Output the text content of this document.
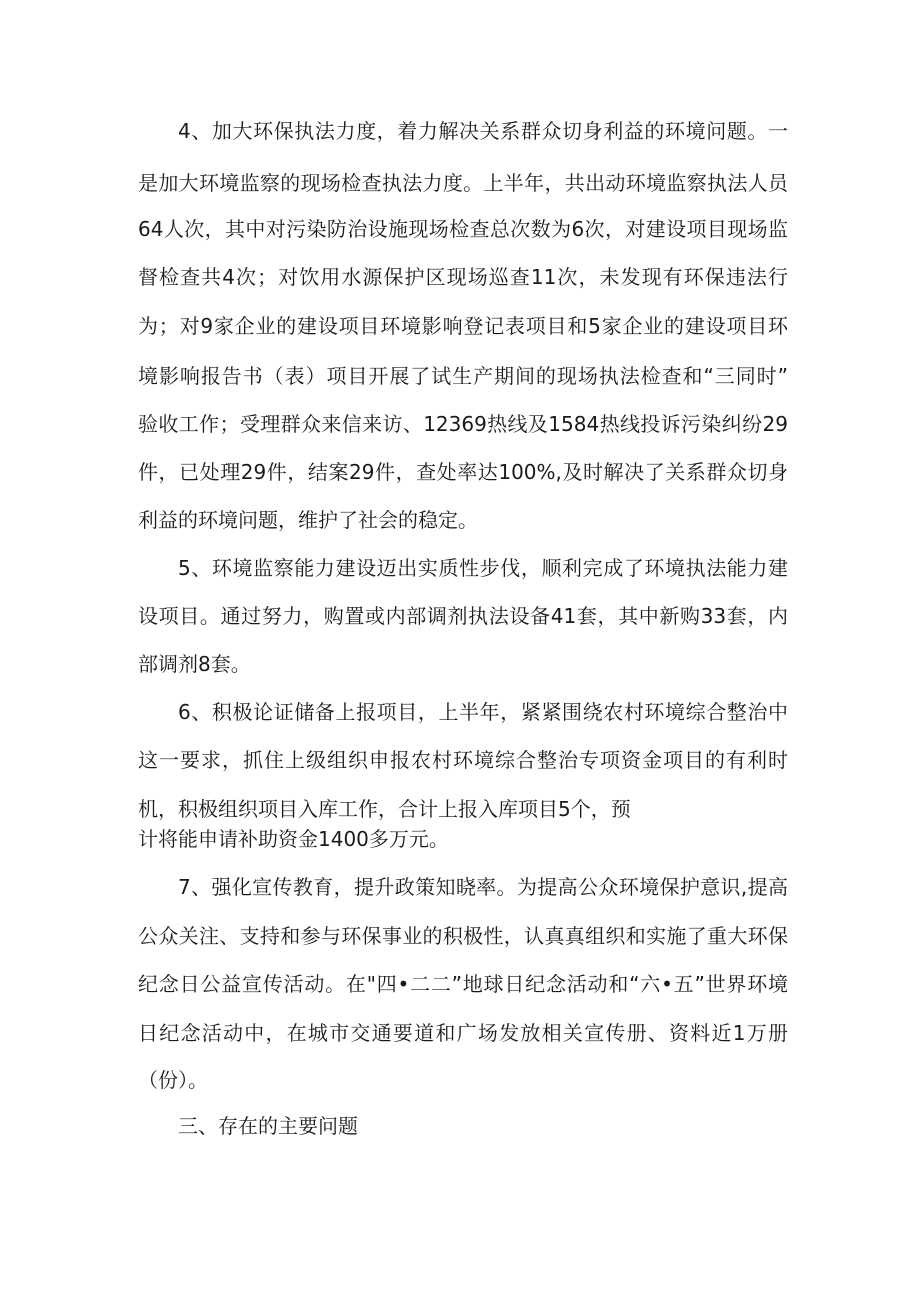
4、加大环保执法力度，着力解决关系群众切身利益的环境问题。一

是加大环境监察的现场检查执法力度。上半年，共出动环境监察执法人员

64人次，其中对污染防治设施现场检查总次数为6次，对建设项目现场监

督检查共4次；对饮用水源保护区现场巡查11次，未发现有环保违法行

为；对9家企业的建设项目环境影响登记表项目和5家企业的建设项目环

境影响报告书（表）项目开展了试生产期间的现场执法检查和“三同时”

验收工作；受理群众来信来访、12369热线及1584热线投诉污染纠纷29

件，已处理29件，结案29件，查处率达100%,及时解决了关系群众切身

利益的环境问题，维护了社会的稳定。

5、环境监察能力建设迈出实质性步伐，顺利完成了环境执法能力建

设项目。通过努力，购置或内部调剂执法设备41套，其中新购33套，内

部调剂8套。

6、积极论证储备上报项目，上半年，紧紧围绕农村环境综合整治中

这一要求，抓住上级组织申报农村环境综合整治专项资金项目的有利时

机，积极组织项目入库工作，合计上报入库项目5个，预

计将能申请补助资金1400多万元。

7、强化宣传教育，提升政策知晓率。为提高公众环境保护意识,提高

公众关注、支持和参与环保事业的积极性，认真真组织和实施了重大环保

纪念日公益宣传活动。在"四•二二”地球日纪念活动和“六•五”世界环境

日纪念活动中，在城市交通要道和广场发放相关宣传册、资料近1万册

（份）。

三、存在的主要问题
